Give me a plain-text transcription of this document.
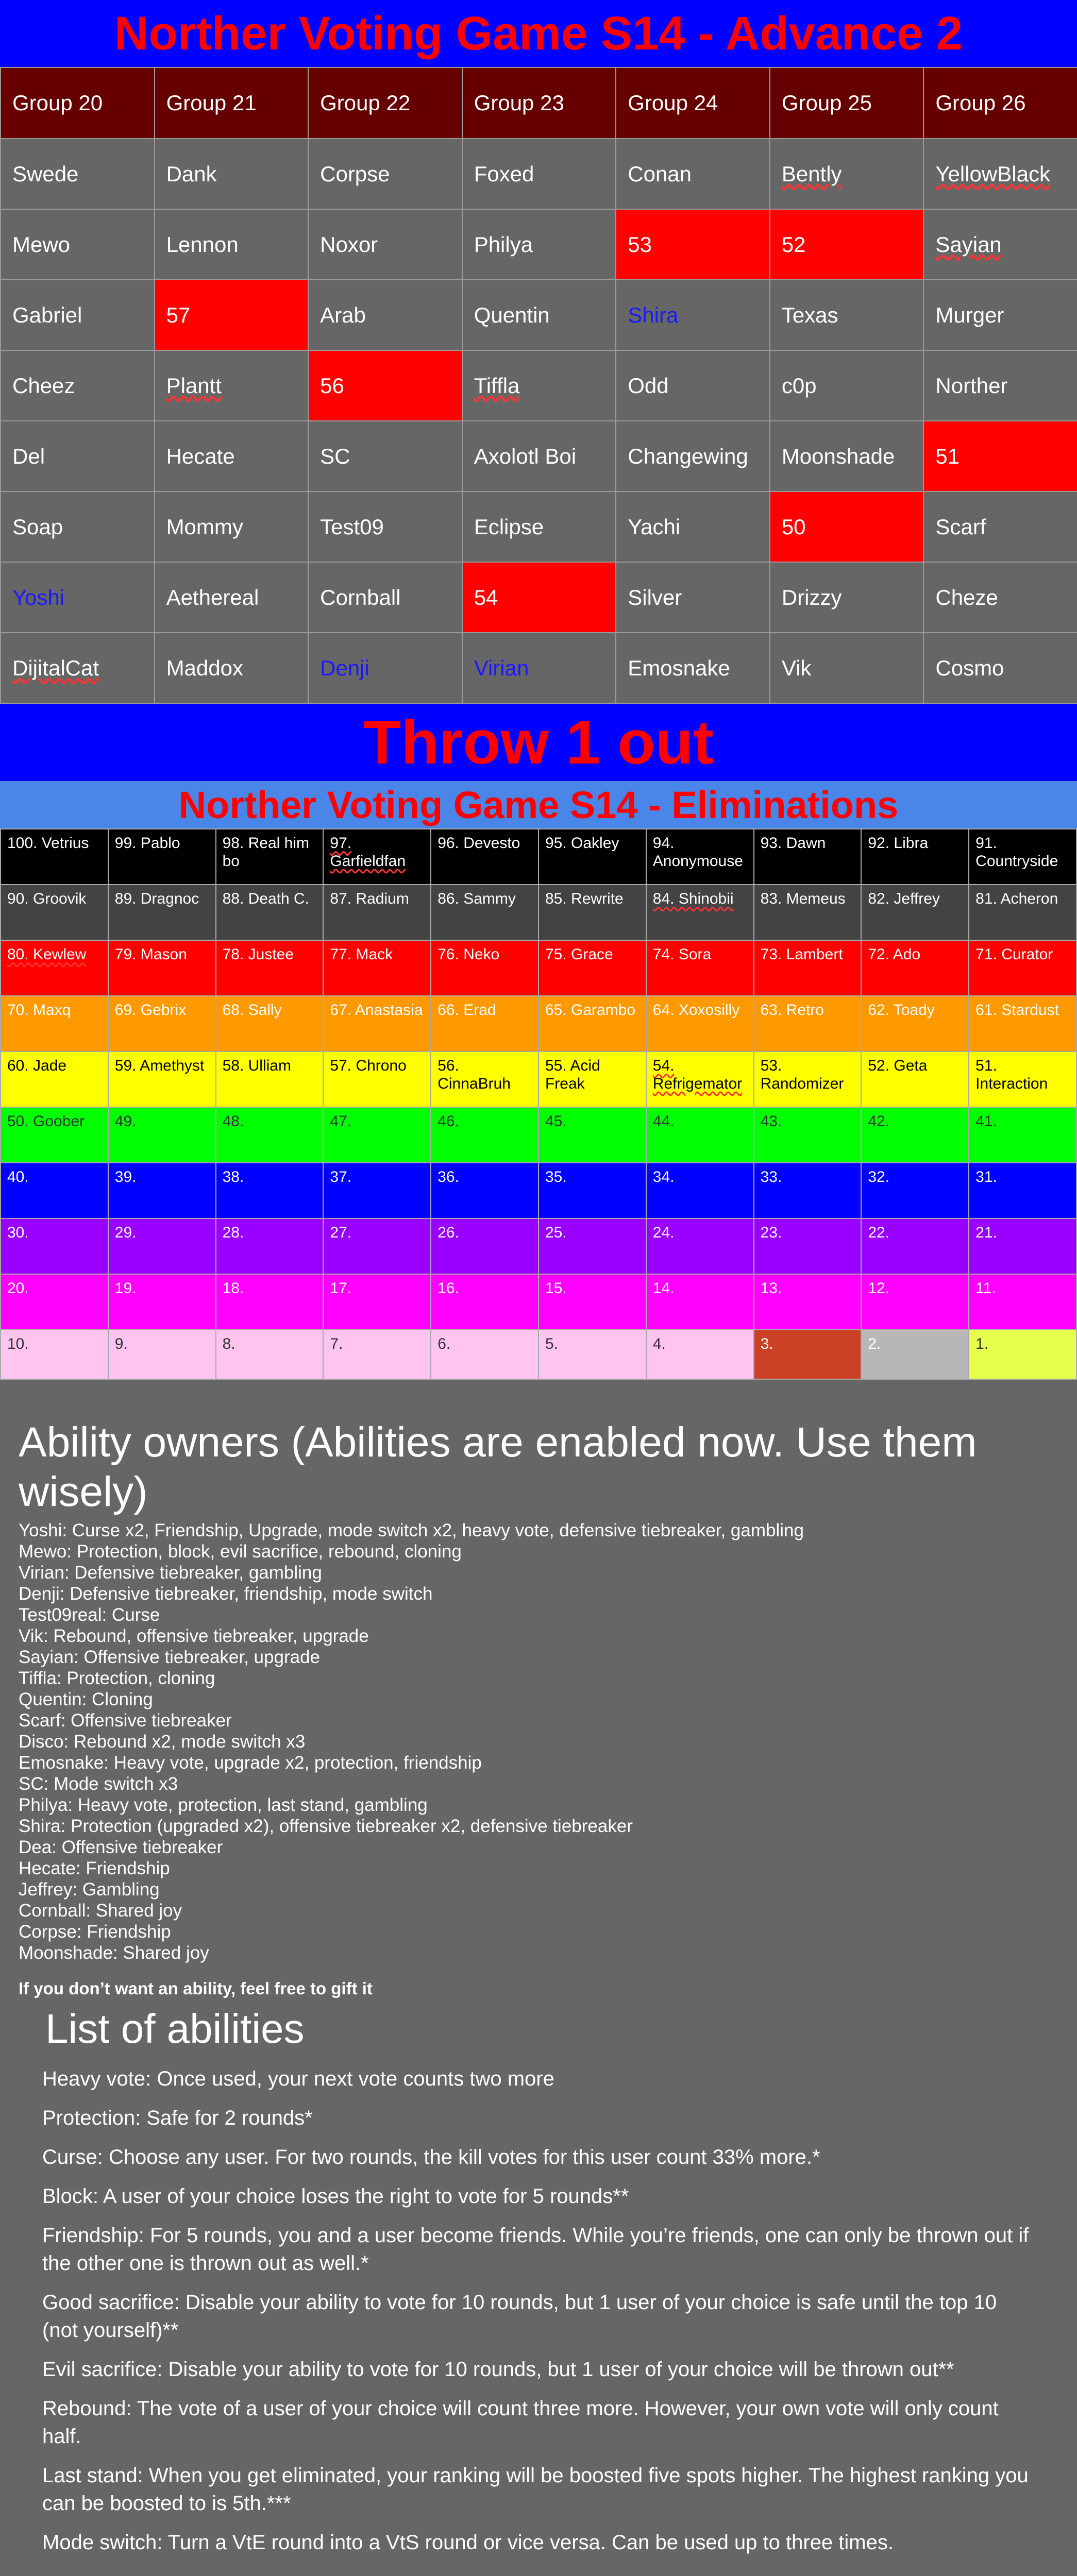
Norther Voting Game S14 - Advance 2
Group 20	Group 21	Group 22	Group 23	Group 24	Group 25	Group 26
Swede	Dank	Corpse	Foxed	Conan	Bently	YellowBlack
Mewo	Lennon	Noxor	Philya	53	52	Sayian
Gabriel	57	Arab	Quentin	Shira	Texas	Murger
Cheez	Plantt	56	Tiffla	Odd	c0p	Norther
Del	Hecate	SC	Axolotl Boi	Changewing	Moonshade	51
Soap	Mommy	Test09	Eclipse	Yachi	50	Scarf
Yoshi	Aethereal	Cornball	54	Silver	Drizzy	Cheze
DijitalCat	Maddox	Denji	Virian	Emosnake	Vik	Cosmo
Throw 1 out
Norther Voting Game S14 - Eliminations
100. Vetrius	99. Pablo	98. Real him bo	97. Garfieldfan	96. Devesto	95. Oakley	94. Anonymouse	93. Dawn	92. Libra	91. Countryside
90. Groovik	89. Dragnoc	88. Death C.	87. Radium	86. Sammy	85. Rewrite	84. Shinobii	83. Memeus	82. Jeffrey	81. Acheron
80. Kewlew	79. Mason	78. Justee	77. Mack	76. Neko	75. Grace	74. Sora	73. Lambert	72. Ado	71. Curator
70. Maxq	69. Gebrix	68. Sally	67. Anastasia	66. Erad	65. Garambo	64. Xoxosilly	63. Retro	62. Toady	61. Stardust
60. Jade	59. Amethyst	58. Ulliam	57. Chrono	56. CinnaBruh	55. Acid Freak	54. Refrigemator	53. Randomizer	52. Geta	51. Interaction
50. Goober	49.	48.	47.	46.	45.	44.	43.	42.	41.
40.	39.	38.	37.	36.	35.	34.	33.	32.	31.
30.	29.	28.	27.	26.	25.	24.	23.	22.	21.
20.	19.	18.	17.	16.	15.	14.	13.	12.	11.
10.	9.	8.	7.	6.	5.	4.	3.	2.	1.
Ability owners (Abilities are enabled now. Use them wisely)
Yoshi: Curse x2, Friendship, Upgrade, mode switch x2, heavy vote, defensive tiebreaker, gambling
Mewo: Protection, block, evil sacrifice, rebound, cloning
Virian: Defensive tiebreaker, gambling
Denji: Defensive tiebreaker, friendship, mode switch
Test09real: Curse
Vik: Rebound, offensive tiebreaker, upgrade
Sayian: Offensive tiebreaker, upgrade
Tiffla: Protection, cloning
Quentin: Cloning
Scarf: Offensive tiebreaker
Disco: Rebound x2, mode switch x3
Emosnake: Heavy vote, upgrade x2, protection, friendship
SC: Mode switch x3
Philya: Heavy vote, protection, last stand, gambling
Shira: Protection (upgraded x2), offensive tiebreaker x2, defensive tiebreaker
Dea: Offensive tiebreaker
Hecate: Friendship
Jeffrey: Gambling
Cornball: Shared joy
Corpse: Friendship
Moonshade: Shared joy
If you don’t want an ability, feel free to gift it
List of abilities
Heavy vote: Once used, your next vote counts two more
Protection: Safe for 2 rounds*
Curse: Choose any user. For two rounds, the kill votes for this user count 33% more.*
Block: A user of your choice loses the right to vote for 5 rounds**
Friendship: For 5 rounds, you and a user become friends. While you’re friends, one can only be thrown out if the other one is thrown out as well.*
Good sacrifice: Disable your ability to vote for 10 rounds, but 1 user of your choice is safe until the top 10 (not yourself)**
Evil sacrifice: Disable your ability to vote for 10 rounds, but 1 user of your choice will be thrown out**
Rebound: The vote of a user of your choice will count three more. However, your own vote will only count half.
Last stand: When you get eliminated, your ranking will be boosted five spots higher. The highest ranking you can be boosted to is 5th.***
Mode switch: Turn a VtE round into a VtS round or vice versa. Can be used up to three times.
